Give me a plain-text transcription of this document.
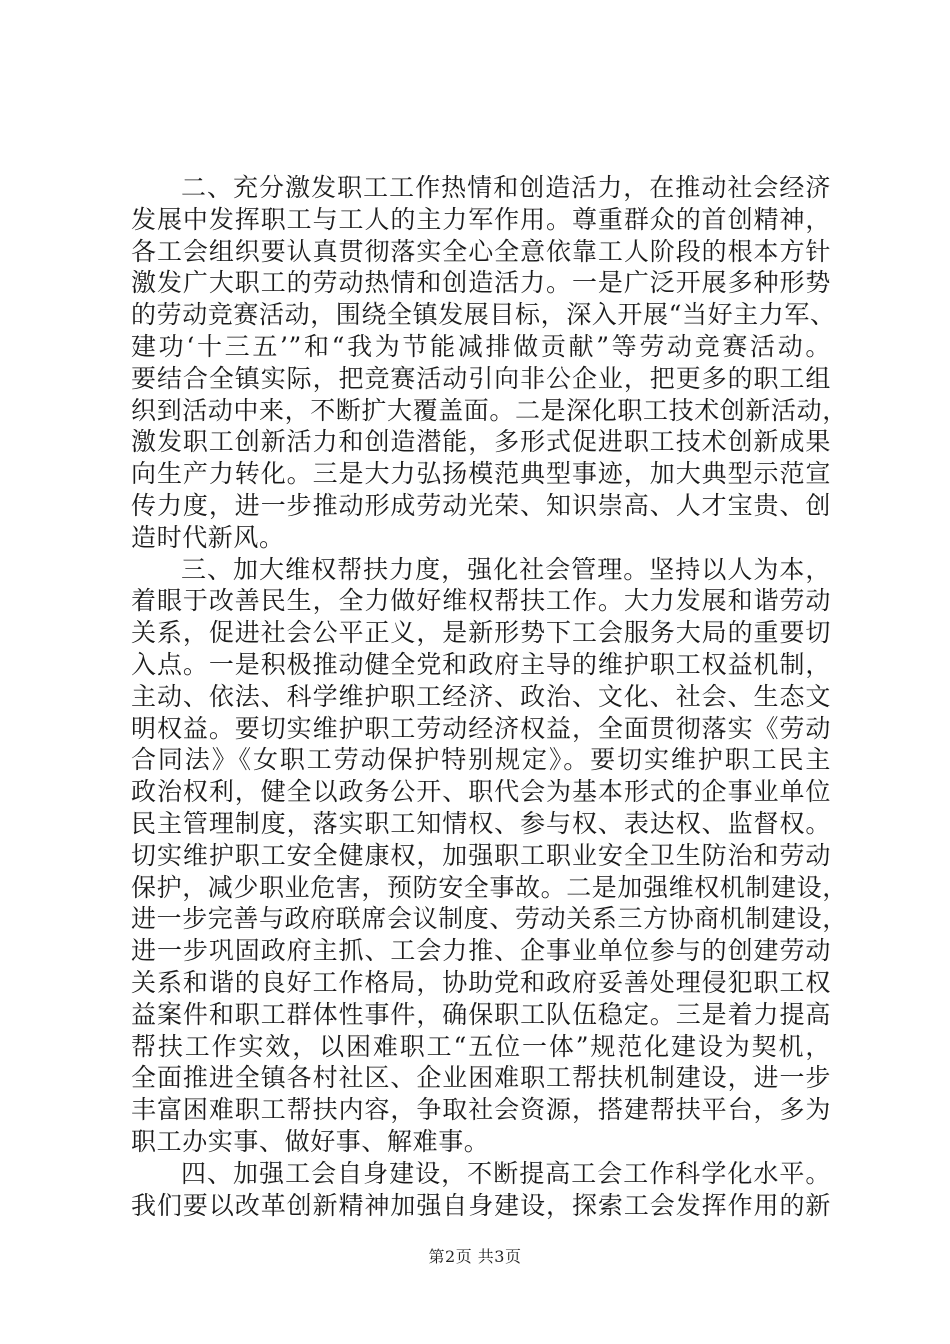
二、充分激发职工工作热情和创造活力，在推动社会经济
发展中发挥职工与工人的主力军作用。尊重群众的首创精神，
各工会组织要认真贯彻落实全心全意依靠工人阶段的根本方针
激发广大职工的劳动热情和创造活力。一是广泛开展多种形势
的劳动竞赛活动，围绕全镇发展目标，深入开展“当好主力军、
建功‘十三五’”和“我为节能减排做贡献”等劳动竞赛活动。
要结合全镇实际，把竞赛活动引向非公企业，把更多的职工组
织到活动中来，不断扩大覆盖面。二是深化职工技术创新活动，
激发职工创新活力和创造潜能，多形式促进职工技术创新成果
向生产力转化。三是大力弘扬模范典型事迹，加大典型示范宣
传力度，进一步推动形成劳动光荣、知识崇高、人才宝贵、创
造时代新风。
三、加大维权帮扶力度，强化社会管理。坚持以人为本，
着眼于改善民生，全力做好维权帮扶工作。大力发展和谐劳动
关系，促进社会公平正义，是新形势下工会服务大局的重要切
入点。一是积极推动健全党和政府主导的维护职工权益机制，
主动、依法、科学维护职工经济、政治、文化、社会、生态文
明权益。要切实维护职工劳动经济权益，全面贯彻落实《劳动
合同法》《女职工劳动保护特别规定》。要切实维护职工民主
政治权利，健全以政务公开、职代会为基本形式的企事业单位
民主管理制度，落实职工知情权、参与权、表达权、监督权。
切实维护职工安全健康权，加强职工职业安全卫生防治和劳动
保护，减少职业危害，预防安全事故。二是加强维权机制建设，
进一步完善与政府联席会议制度、劳动关系三方协商机制建设，
进一步巩固政府主抓、工会力推、企事业单位参与的创建劳动
关系和谐的良好工作格局，协助党和政府妥善处理侵犯职工权
益案件和职工群体性事件，确保职工队伍稳定。三是着力提高
帮扶工作实效，以困难职工“五位一体”规范化建设为契机，
全面推进全镇各村社区、企业困难职工帮扶机制建设，进一步
丰富困难职工帮扶内容，争取社会资源，搭建帮扶平台，多为
职工办实事、做好事、解难事。
四、加强工会自身建设，不断提高工会工作科学化水平。
我们要以改革创新精神加强自身建设，探索工会发挥作用的新
第2页 共3页
